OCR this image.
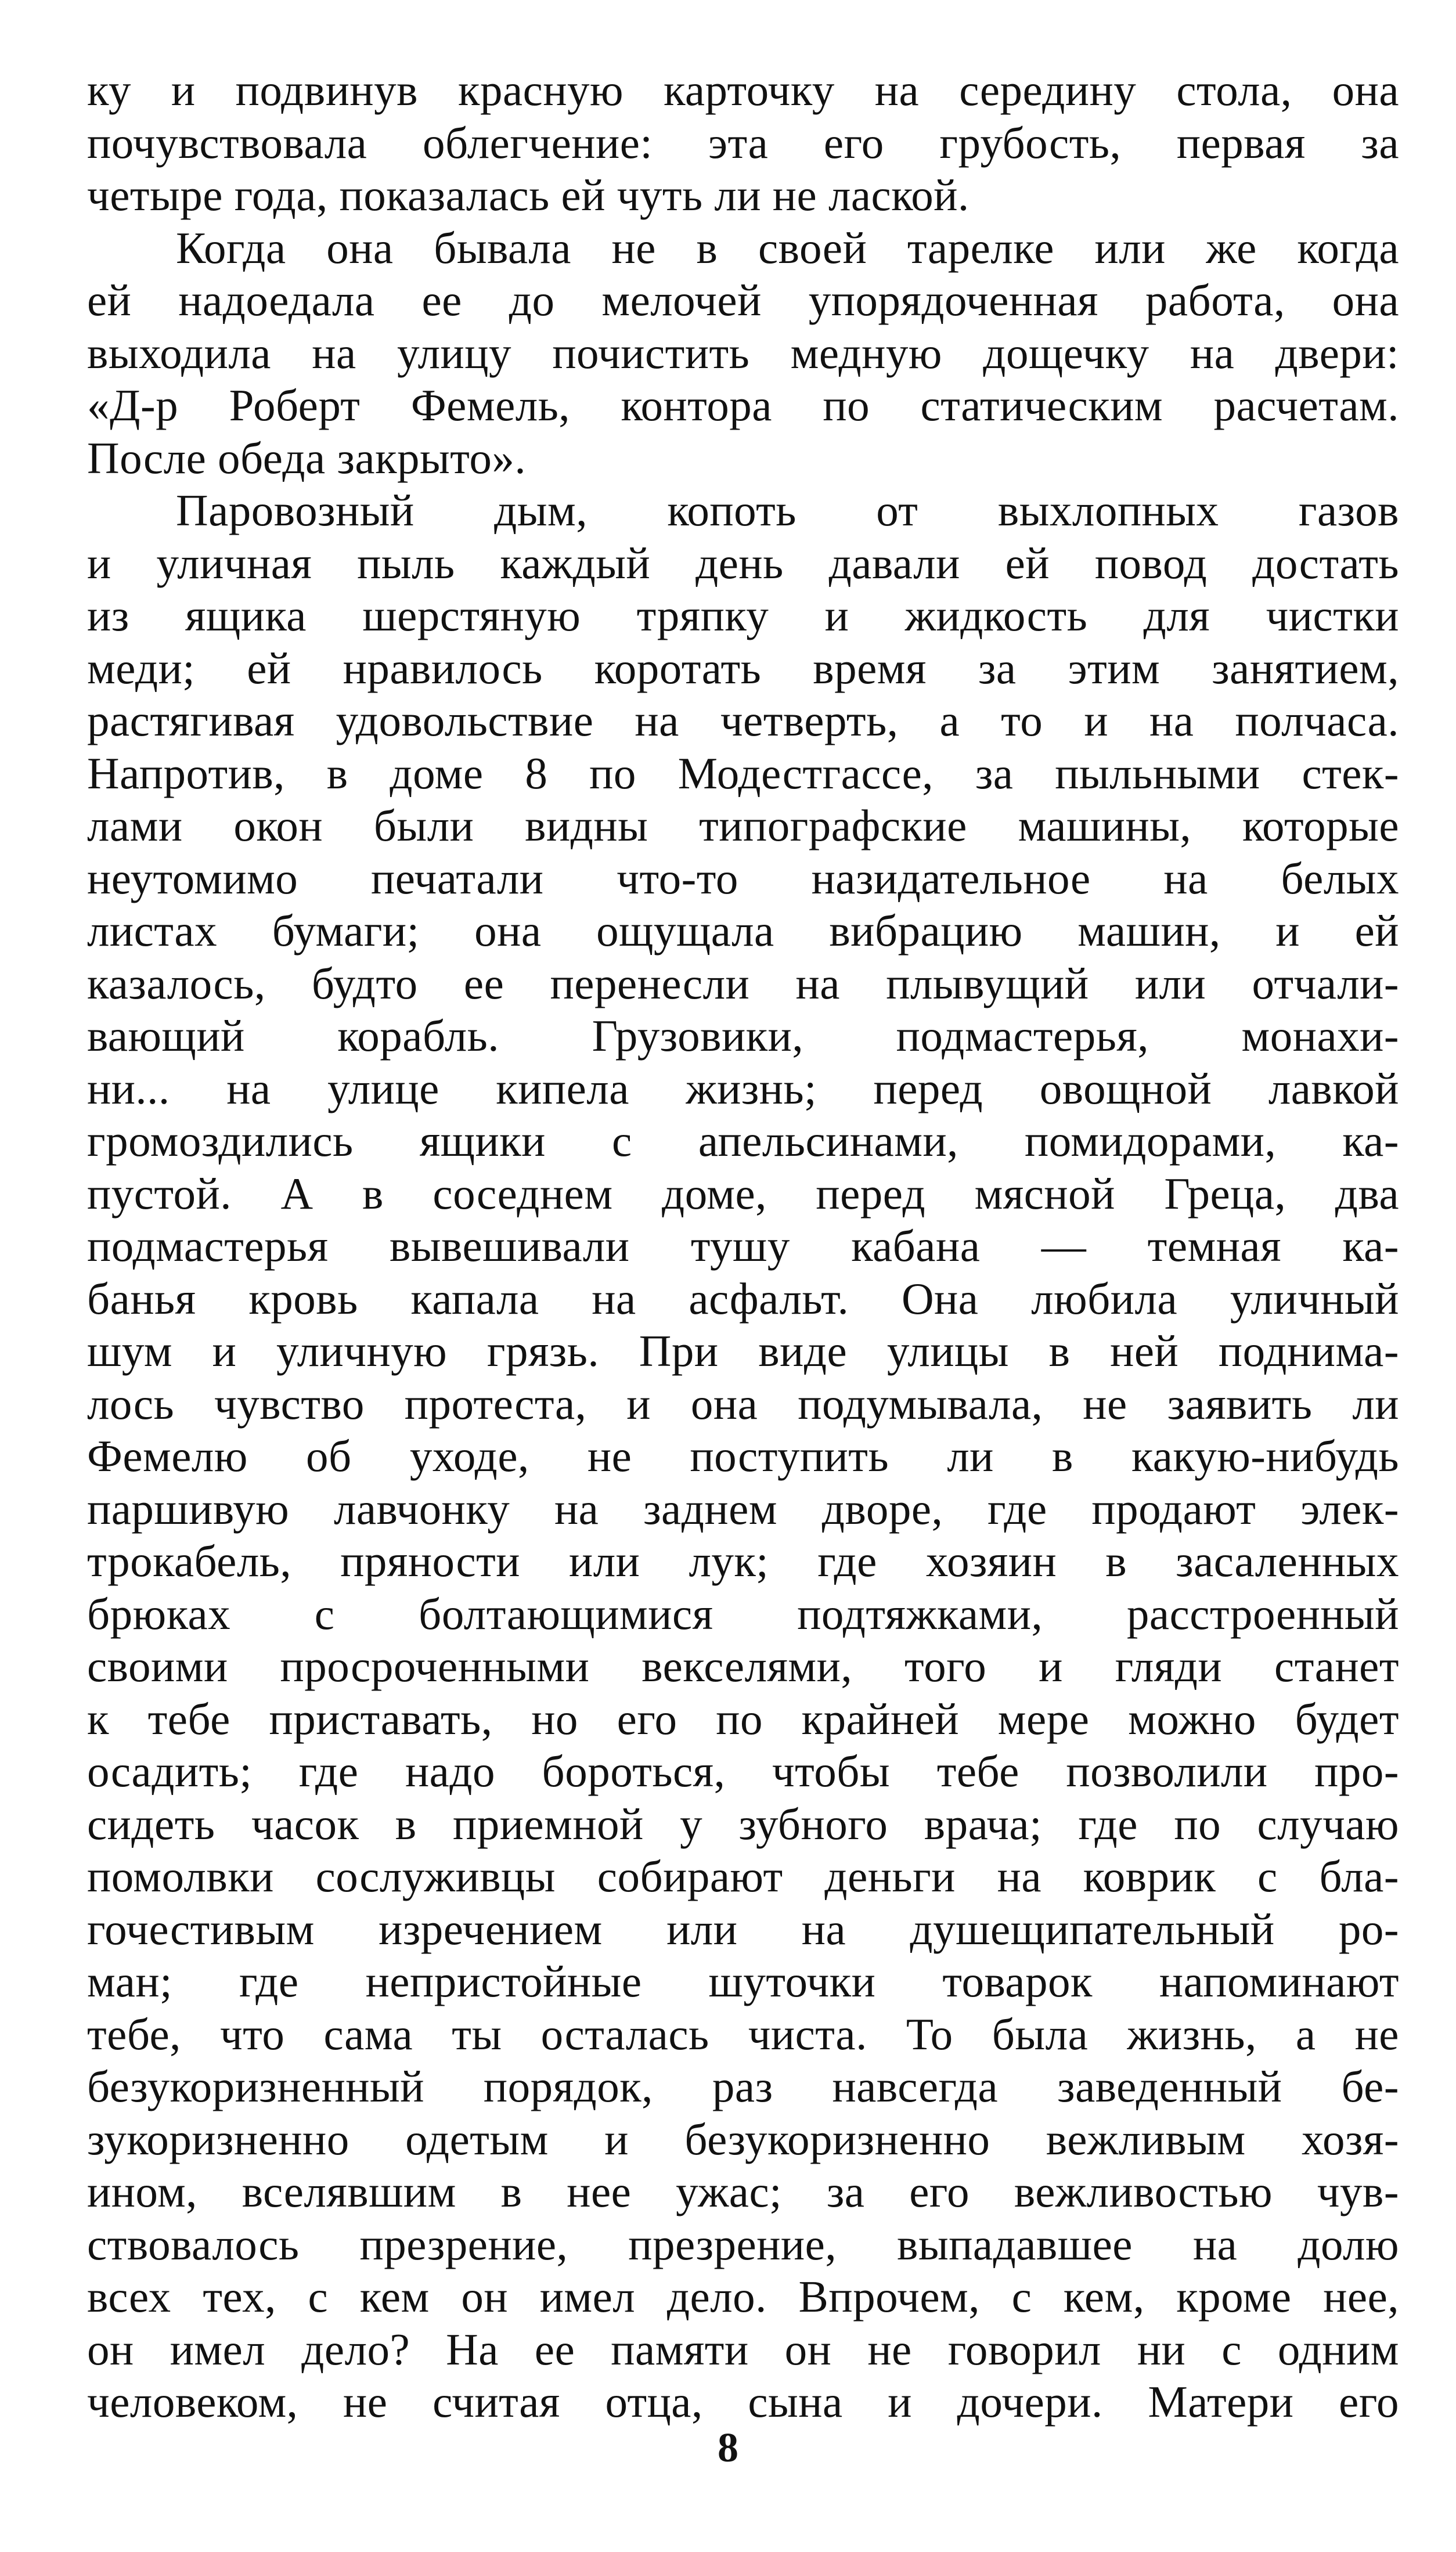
ку и подвинув красную карточку на середину стола, она
почувствовала облегчение: эта его грубость, первая за
четыре года, показалась ей чуть ли не лаской.
Когда она бывала не в своей тарелке или же когда
ей надоедала ее до мелочей упорядоченная работа, она
выходила на улицу почистить медную дощечку на двери:
«Д-р Роберт Фемель, контора по статическим расчетам.
После обеда закрыто».
Паровозный дым, копоть от выхлопных газов
и уличная пыль каждый день давали ей повод достать
из ящика шерстяную тряпку и жидкость для чистки
меди; ей нравилось коротать время за этим занятием,
растягивая удовольствие на четверть, а то и на полчаса.
Напротив, в доме 8 по Модестгассе, за пыльными стек-
лами окон были видны типографские машины, которые
неутомимо печатали что-то назидательное на белых
листах бумаги; она ощущала вибрацию машин, и ей
казалось, будто ее перенесли на плывущий или отчали-
вающий корабль. Грузовики, подмастерья, монахи-
ни... на улице кипела жизнь; перед овощной лавкой
громоздились ящики с апельсинами, помидорами, ка-
пустой. А в соседнем доме, перед мясной Греца, два
подмастерья вывешивали тушу кабана — темная ка-
банья кровь капала на асфальт. Она любила уличный
шум и уличную грязь. При виде улицы в ней поднима-
лось чувство протеста, и она подумывала, не заявить ли
Фемелю об уходе, не поступить ли в какую-нибудь
паршивую лавчонку на заднем дворе, где продают элек-
трокабель, пряности или лук; где хозяин в засаленных
брюках с болтающимися подтяжками, расстроенный
своими просроченными векселями, того и гляди станет
к тебе приставать, но его по крайней мере можно будет
осадить; где надо бороться, чтобы тебе позволили про-
сидеть часок в приемной у зубного врача; где по случаю
помолвки сослуживцы собирают деньги на коврик с бла-
гочестивым изречением или на душещипательный ро-
ман; где непристойные шуточки товарок напоминают
тебе, что сама ты осталась чиста. То была жизнь, а не
безукоризненный порядок, раз навсегда заведенный бе-
зукоризненно одетым и безукоризненно вежливым хозя-
ином, вселявшим в нее ужас; за его вежливостью чув-
ствовалось презрение, презрение, выпадавшее на долю
всех тех, с кем он имел дело. Впрочем, с кем, кроме нее,
он имел дело? На ее памяти он не говорил ни с одним
человеком, не считая отца, сына и дочери. Матери его
8
